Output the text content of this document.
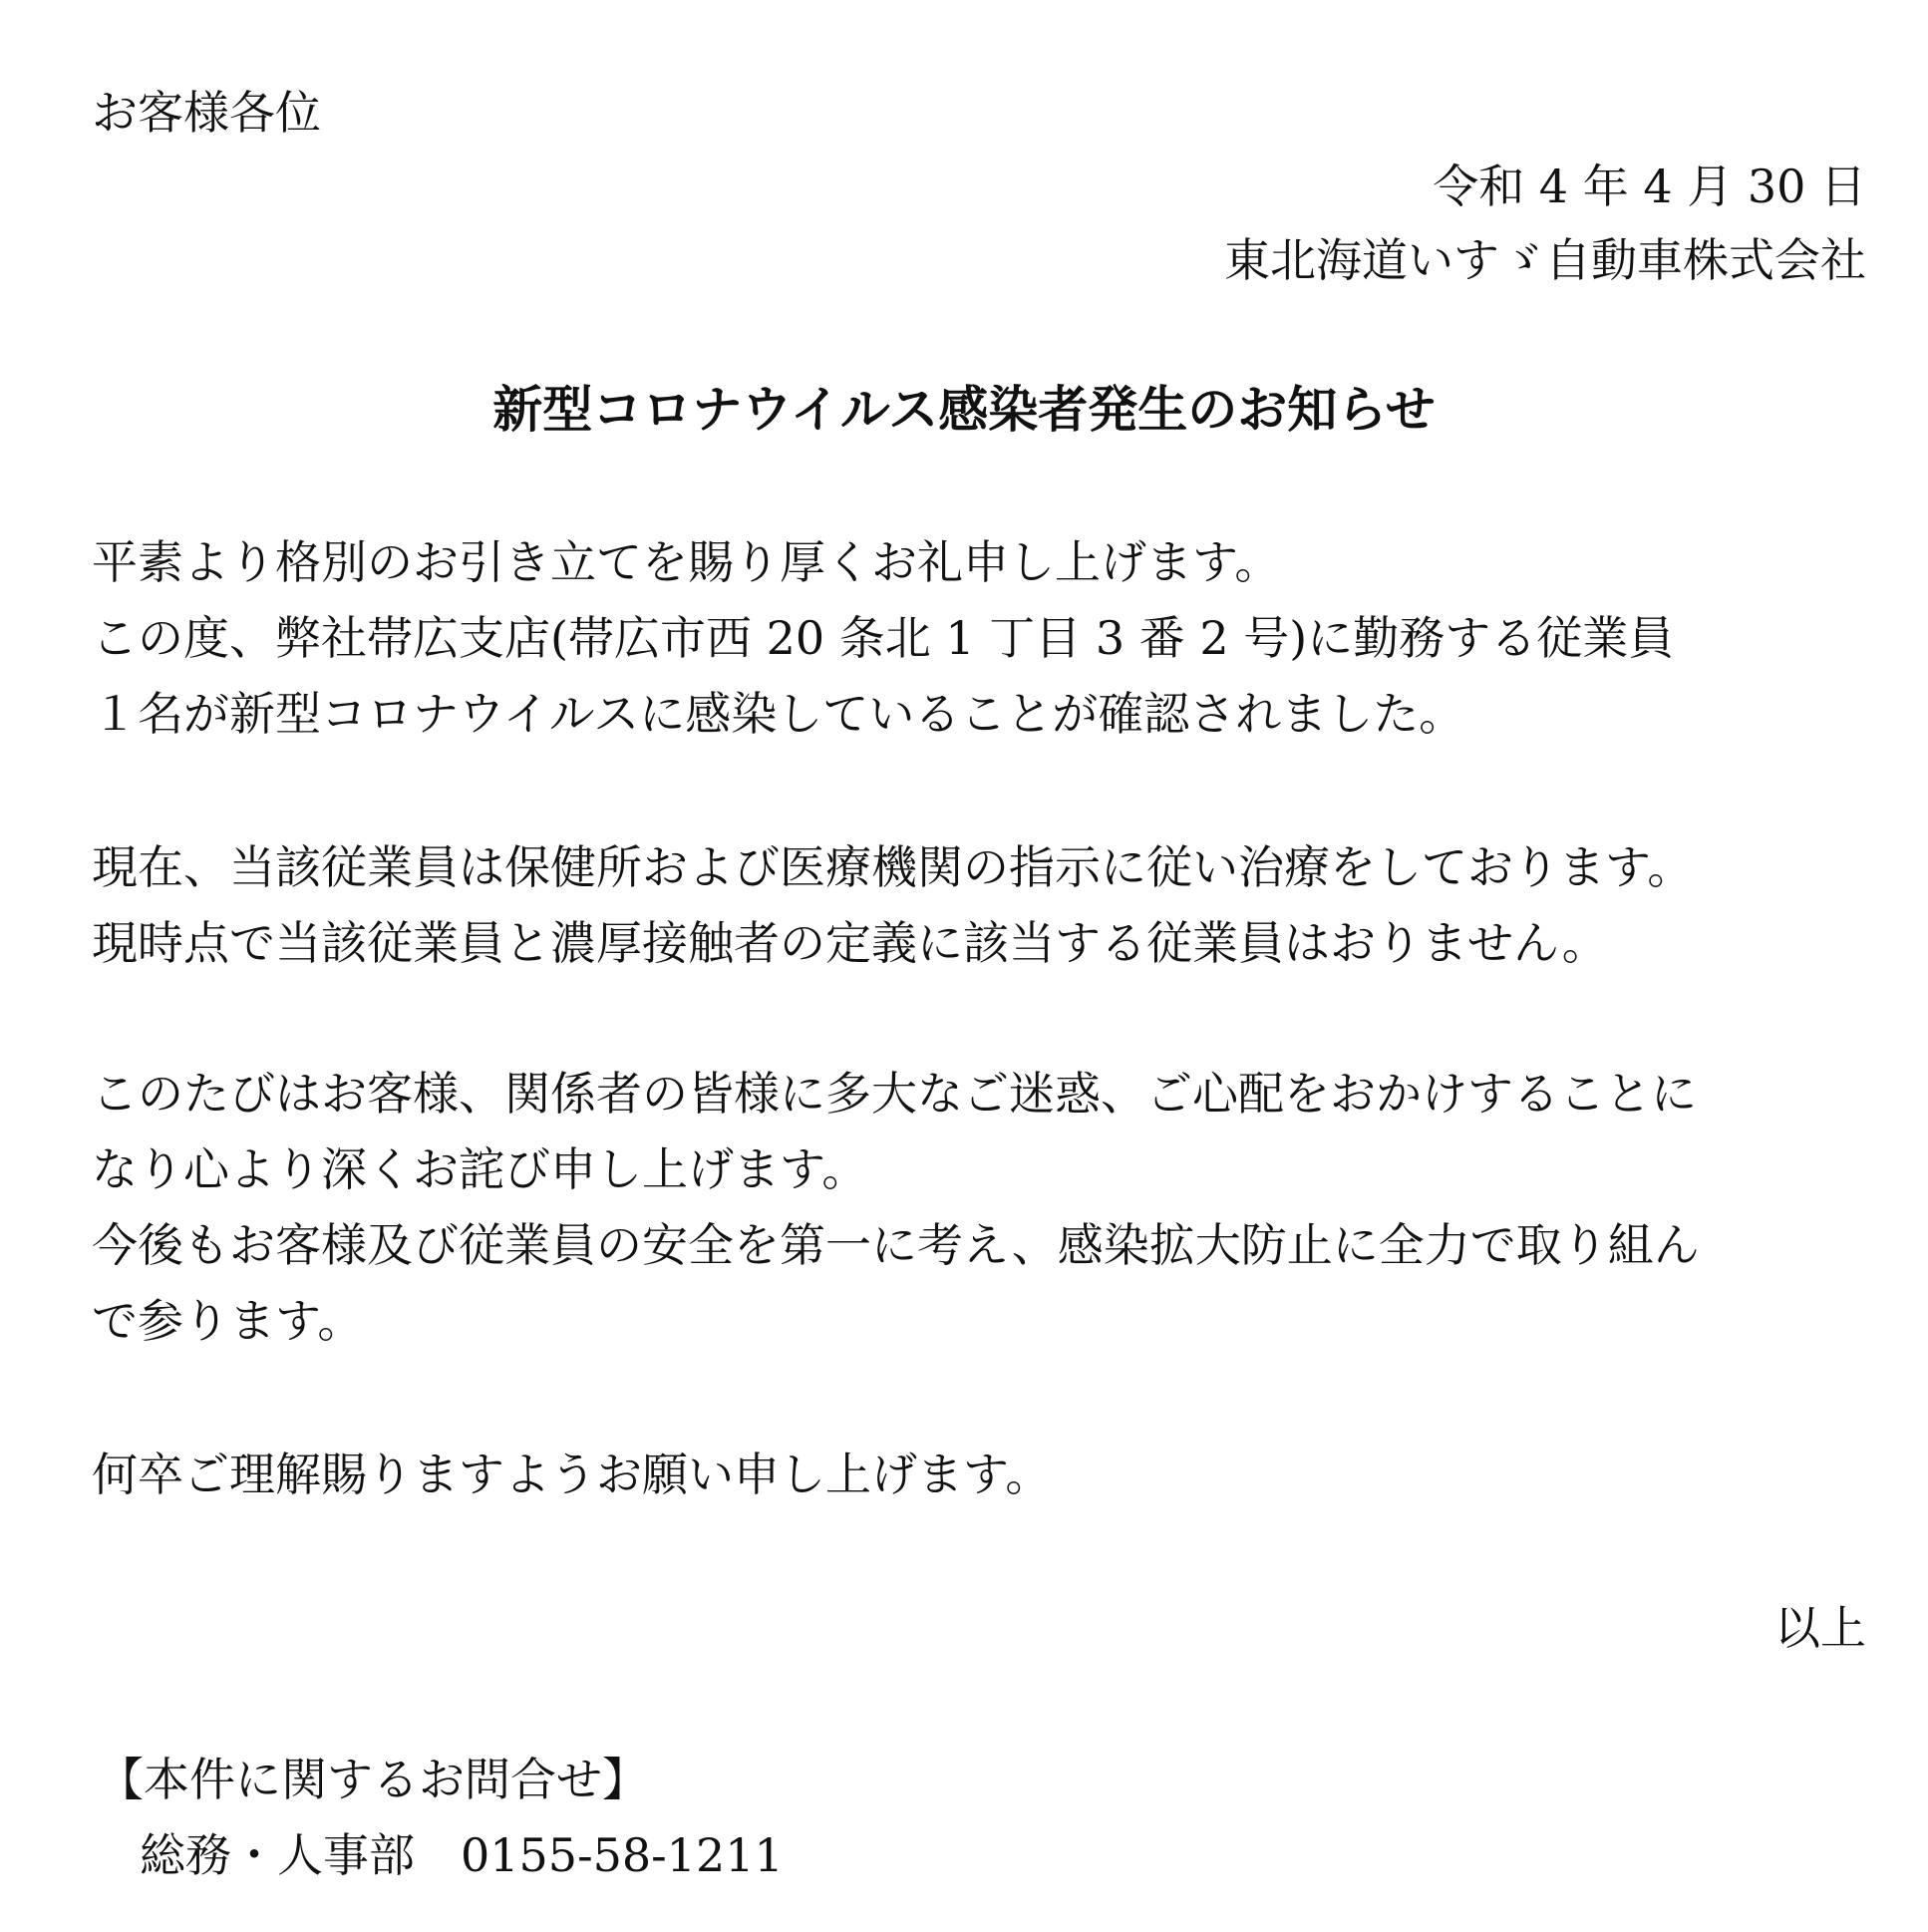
お客様各位
令和 4 年 4 月 30 日
東北海道いすゞ自動車株式会社
新型コロナウイルス感染者発生のお知らせ
平素より格別のお引き立てを賜り厚くお礼申し上げます。
この度、弊社帯広支店(帯広市西 20 条北 1 丁目 3 番 2 号)に勤務する従業員
１名が新型コロナウイルスに感染していることが確認されました。
現在、当該従業員は保健所および医療機関の指示に従い治療をしております。
現時点で当該従業員と濃厚接触者の定義に該当する従業員はおりません。
このたびはお客様、関係者の皆様に多大なご迷惑、ご心配をおかけすることに
なり心より深くお詫び申し上げます。
今後もお客様及び従業員の安全を第一に考え、感染拡大防止に全力で取り組ん
で参ります。
何卒ご理解賜りますようお願い申し上げます。
以上
【本件に関するお問合せ】
総務・人事部　0155-58-1211
